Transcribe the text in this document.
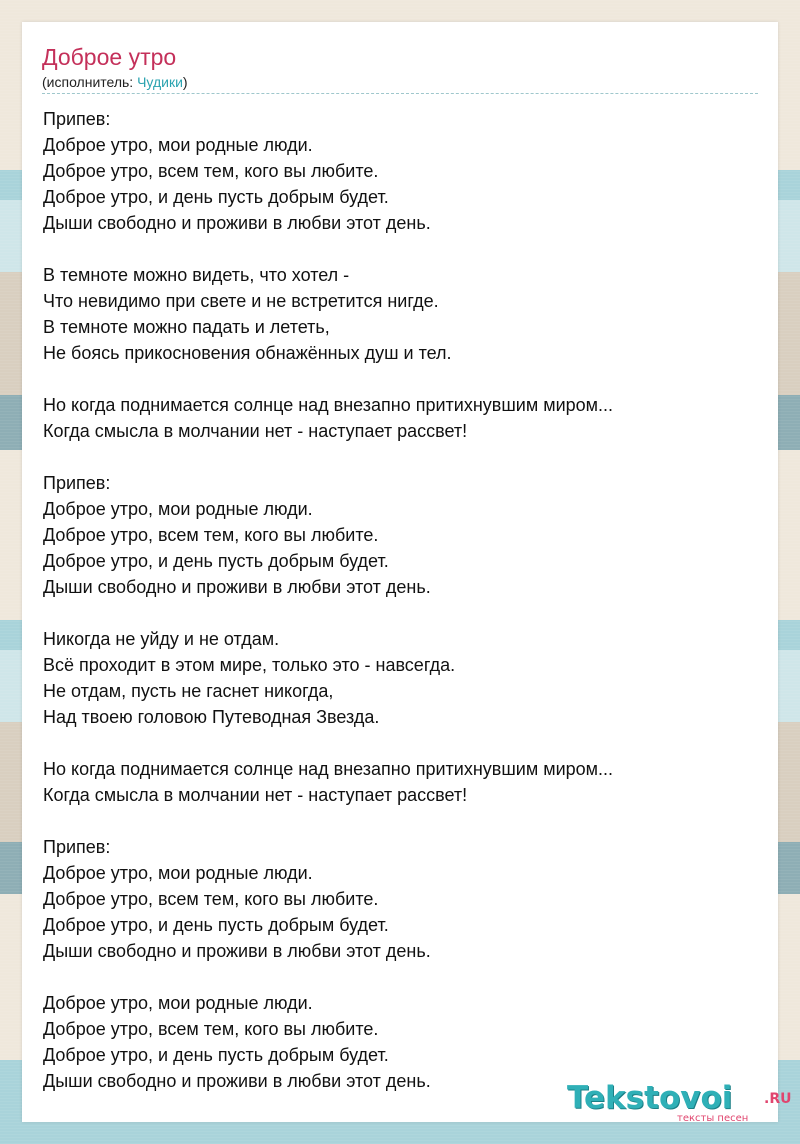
Доброе утро
(исполнитель: Чудики)
Припев:
Доброе утро, мои родные люди.
Доброе утро, всем тем, кого вы любите.
Доброе утро, и день пусть добрым будет.
Дыши свободно и проживи в любви этот день.
В темноте можно видеть, что хотел -
Что невидимо при свете и не встретится нигде.
В темноте можно падать и лететь,
Не боясь прикосновения обнажённых душ и тел.
Но когда поднимается солнце над внезапно притихнувшим миром...
Когда смысла в молчании нет - наступает рассвет!
Припев:
Доброе утро, мои родные люди.
Доброе утро, всем тем, кого вы любите.
Доброе утро, и день пусть добрым будет.
Дыши свободно и проживи в любви этот день.
Никогда не уйду и не отдам.
Всё проходит в этом мире, только это - навсегда.
Не отдам, пусть не гаснет никогда,
Над твоею головою Путеводная Звезда.
Но когда поднимается солнце над внезапно притихнувшим миром...
Когда смысла в молчании нет - наступает рассвет!
Припев:
Доброе утро, мои родные люди.
Доброе утро, всем тем, кого вы любите.
Доброе утро, и день пусть добрым будет.
Дыши свободно и проживи в любви этот день.
Доброе утро, мои родные люди.
Доброе утро, всем тем, кого вы любите.
Доброе утро, и день пусть добрым будет.
Дыши свободно и проживи в любви этот день.	Tekstovoi .RU
тексты песен
